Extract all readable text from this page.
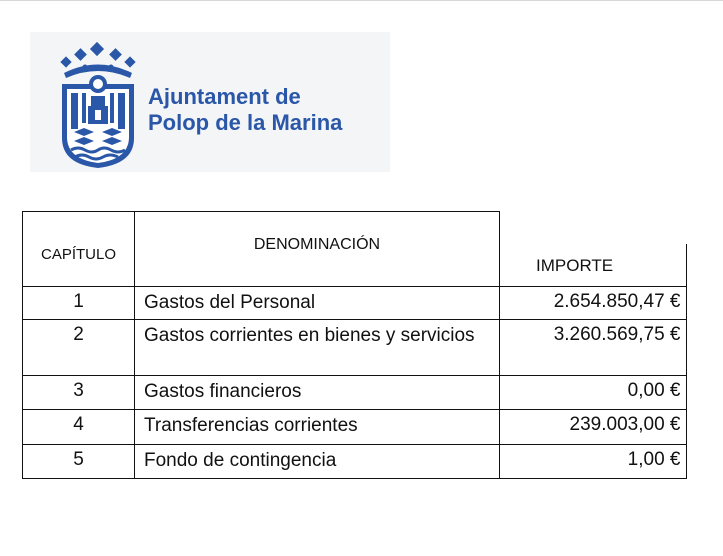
Ajuntament de
Polop de la Marina
CAPÍTULO	DENOMINACIÓN	IMPORTE

1	Gastos del Personal	2.654.850,47 €
2	Gastos corrientes en bienes y servicios	3.260.569,75 €
3	Gastos financieros	0,00 €
4	Transferencias corrientes	239.003,00 €
5	Fondo de contingencia	1,00 €
